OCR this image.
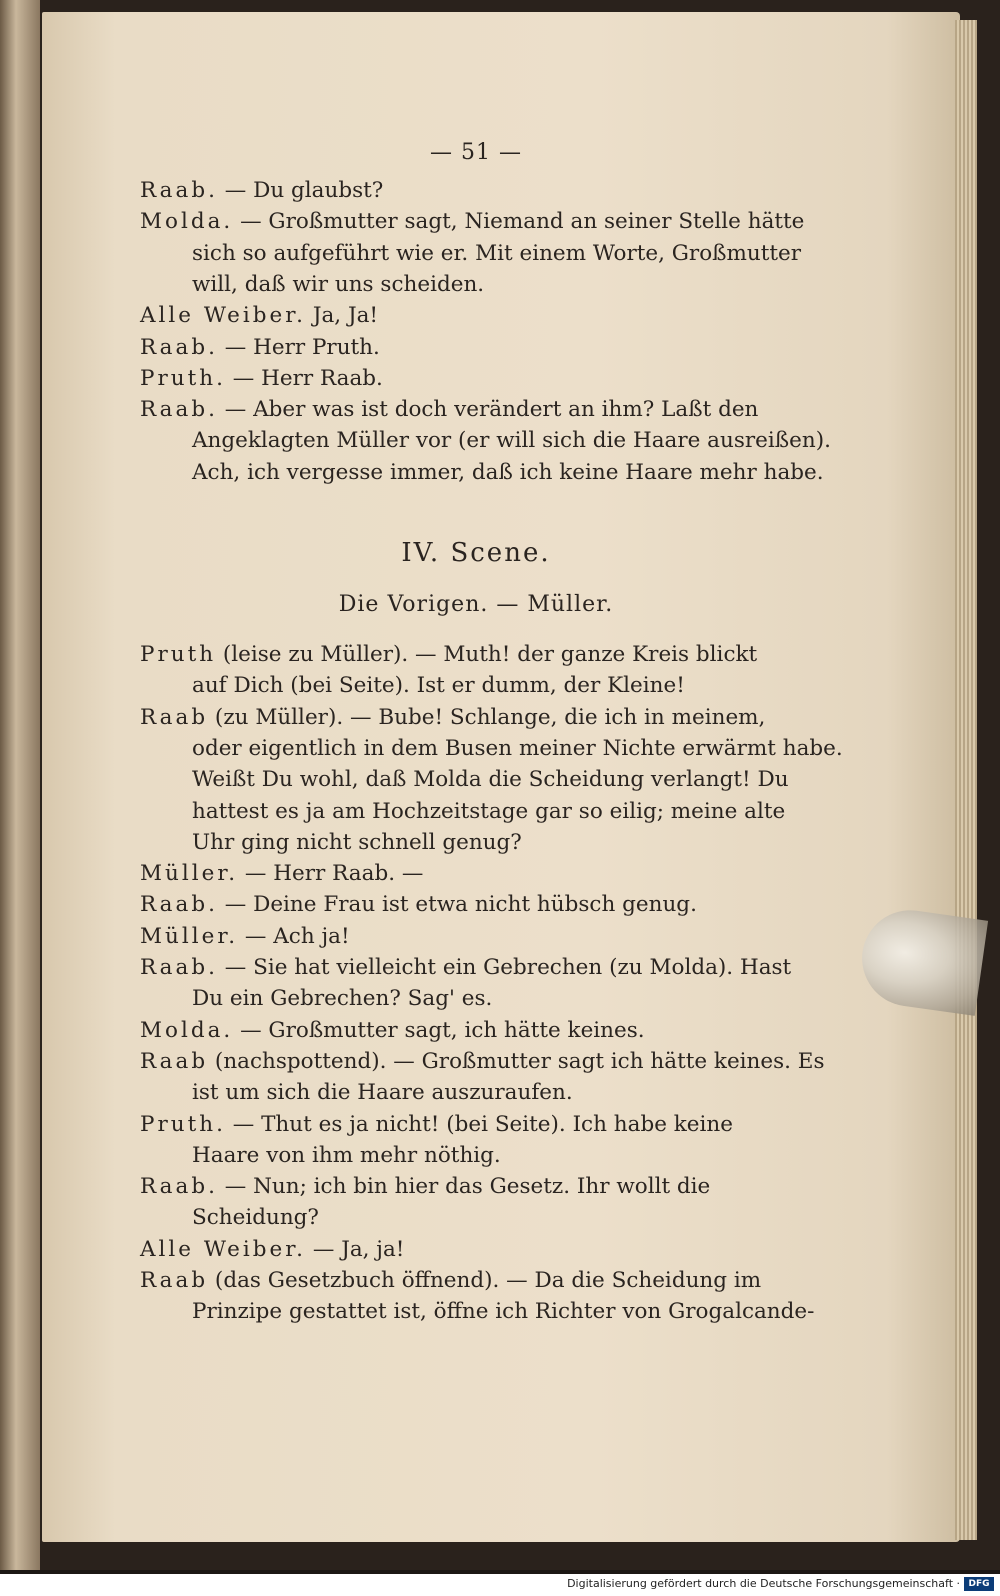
— 51 —
Raab. — Du glaubst?
Molda. — Großmutter sagt, Niemand an seiner Stelle hätte
sich so aufgeführt wie er. Mit einem Worte, Großmutter
will, daß wir uns scheiden.
Alle Weiber. Ja, Ja!
Raab. — Herr Pruth.
Pruth. — Herr Raab.
Raab. — Aber was ist doch verändert an ihm? Laßt den
Angeklagten Müller vor (er will sich die Haare ausreißen).
Ach, ich vergesse immer, daß ich keine Haare mehr habe.
IV. Scene.
Die Vorigen. — Müller.
Pruth (leise zu Müller). — Muth! der ganze Kreis blickt
auf Dich (bei Seite). Ist er dumm, der Kleine!
Raab (zu Müller). — Bube! Schlange, die ich in meinem,
oder eigentlich in dem Busen meiner Nichte erwärmt habe.
Weißt Du wohl, daß Molda die Scheidung verlangt! Du
hattest es ja am Hochzeitstage gar so eilig; meine alte
Uhr ging nicht schnell genug?
Müller. — Herr Raab. —
Raab. — Deine Frau ist etwa nicht hübsch genug.
Müller. — Ach ja!
Raab. — Sie hat vielleicht ein Gebrechen (zu Molda). Hast
Du ein Gebrechen? Sag' es.
Molda. — Großmutter sagt, ich hätte keines.
Raab (nachspottend). — Großmutter sagt ich hätte keines. Es
ist um sich die Haare auszuraufen.
Pruth. — Thut es ja nicht! (bei Seite). Ich habe keine
Haare von ihm mehr nöthig.
Raab. — Nun; ich bin hier das Gesetz. Ihr wollt die
Scheidung?
Alle Weiber. — Ja, ja!
Raab (das Gesetzbuch öffnend). — Da die Scheidung im
Prinzipe gestattet ist, öffne ich Richter von Grogalcande-
Digitalisierung gefördert durch die Deutsche Forschungsgemeinschaft · DFG
